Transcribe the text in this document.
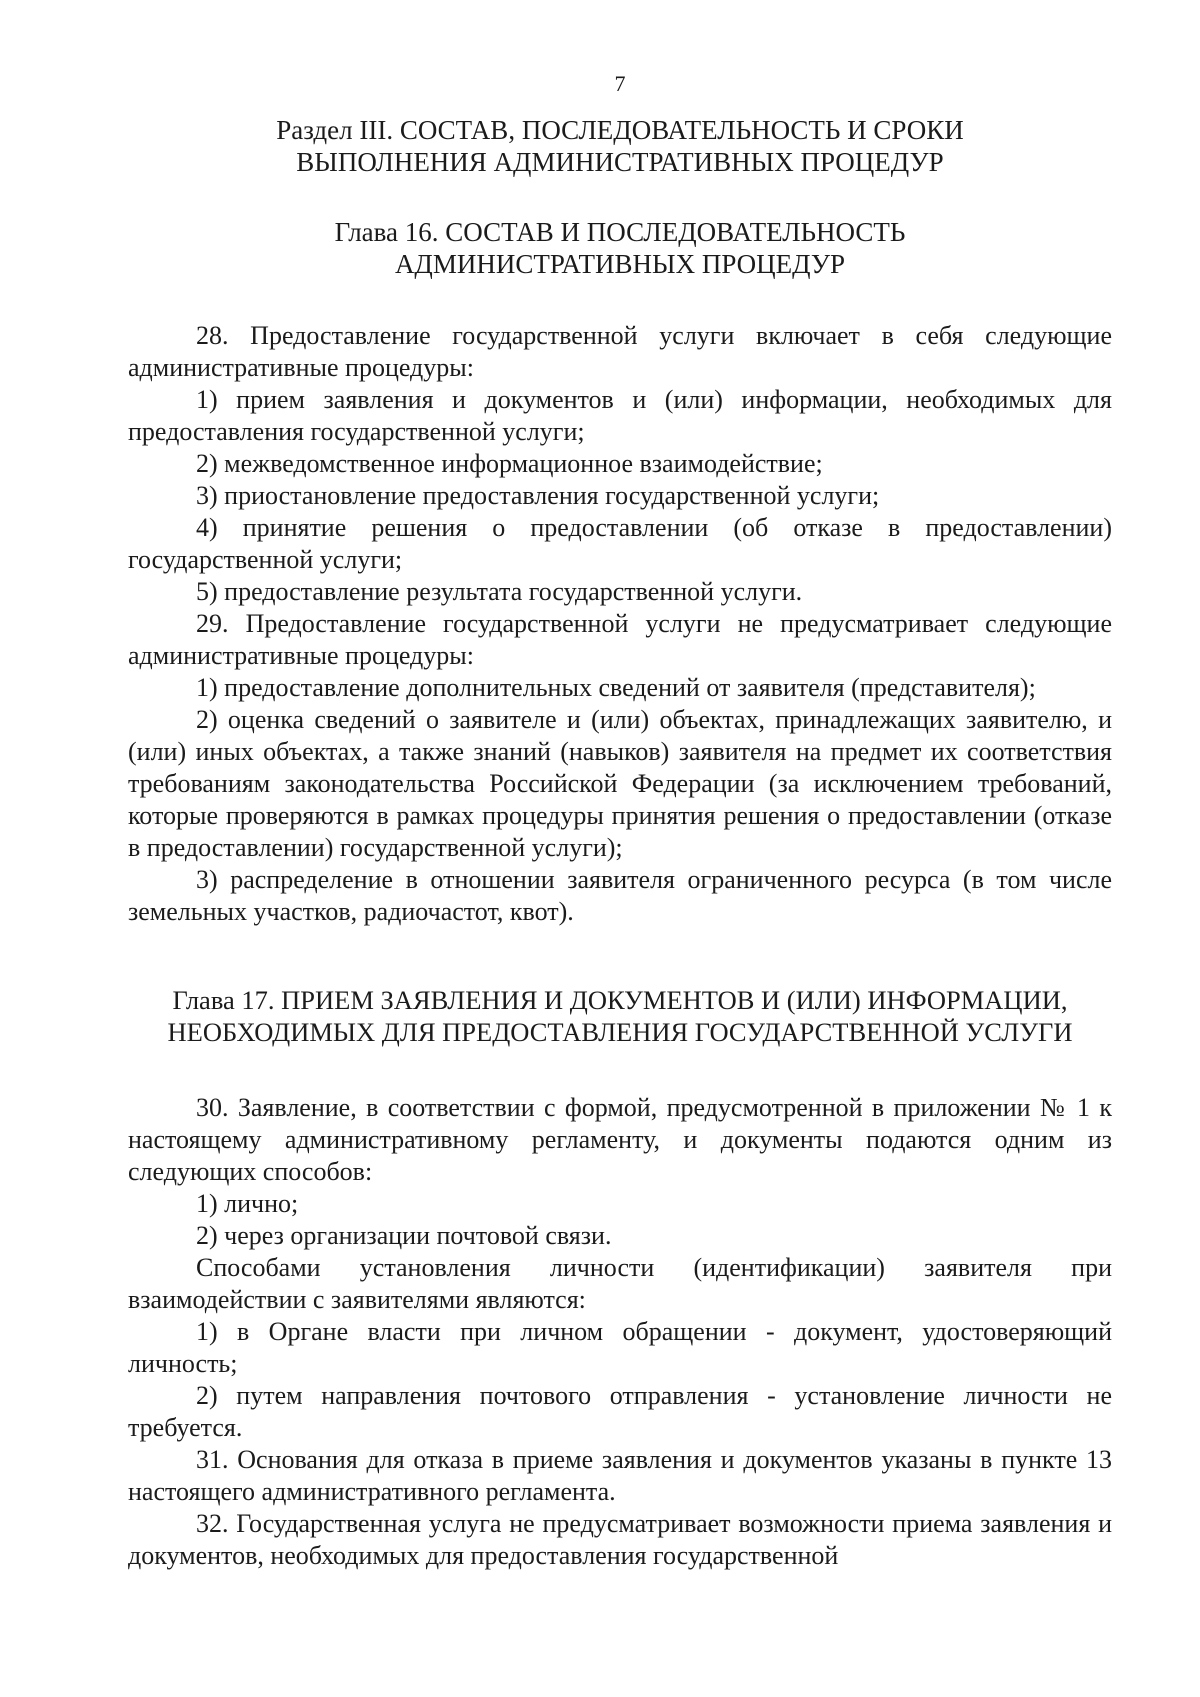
7
Раздел III. СОСТАВ, ПОСЛЕДОВАТЕЛЬНОСТЬ И СРОКИ
ВЫПОЛНЕНИЯ АДМИНИСТРАТИВНЫХ ПРОЦЕДУР
Глава 16. СОСТАВ И ПОСЛЕДОВАТЕЛЬНОСТЬ
АДМИНИСТРАТИВНЫХ ПРОЦЕДУР

28. Предоставление государственной услуги включает в себя следующие административные процедуры:

1) прием заявления и документов и (или) информации, необходимых для предоставления государственной услуги;

2) межведомственное информационное взаимодействие;

3) приостановление предоставления государственной услуги;

4) принятие решения о предоставлении (об отказе в предоставлении) государственной услуги;

5) предоставление результата государственной услуги.

29. Предоставление государственной услуги не предусматривает следующие административные процедуры:

1) предоставление дополнительных сведений от заявителя (представителя);

2) оценка сведений о заявителе и (или) объектах, принадлежащих заявителю, и (или) иных объектах, а также знаний (навыков) заявителя на предмет их соответствия требованиям законодательства Российской Федерации (за исключением требований, которые проверяются в рамках процедуры принятия решения о предоставлении (отказе в предоставлении) государственной услуги);

3) распределение в отношении заявителя ограниченного ресурса (в том числе земельных участков, радиочастот, квот).

Глава 17. ПРИЕМ ЗАЯВЛЕНИЯ И ДОКУМЕНТОВ И (ИЛИ) ИНФОРМАЦИИ,
НЕОБХОДИМЫХ ДЛЯ ПРЕДОСТАВЛЕНИЯ ГОСУДАРСТВЕННОЙ УСЛУГИ

30. Заявление, в соответствии с формой, предусмотренной в приложении № 1 к настоящему административному регламенту, и документы подаются одним из следующих способов:

1) лично;

2) через организации почтовой связи.

Способами установления личности (идентификации) заявителя при взаимодействии с заявителями являются:

1) в Органе власти при личном обращении - документ, удостоверяющий личность;

2) путем направления почтового отправления - установление личности не требуется.

31. Основания для отказа в приеме заявления и документов указаны в пункте 13 настоящего административного регламента.

32. Государственная услуга не предусматривает возможности приема заявления и документов, необходимых для предоставления государственной
